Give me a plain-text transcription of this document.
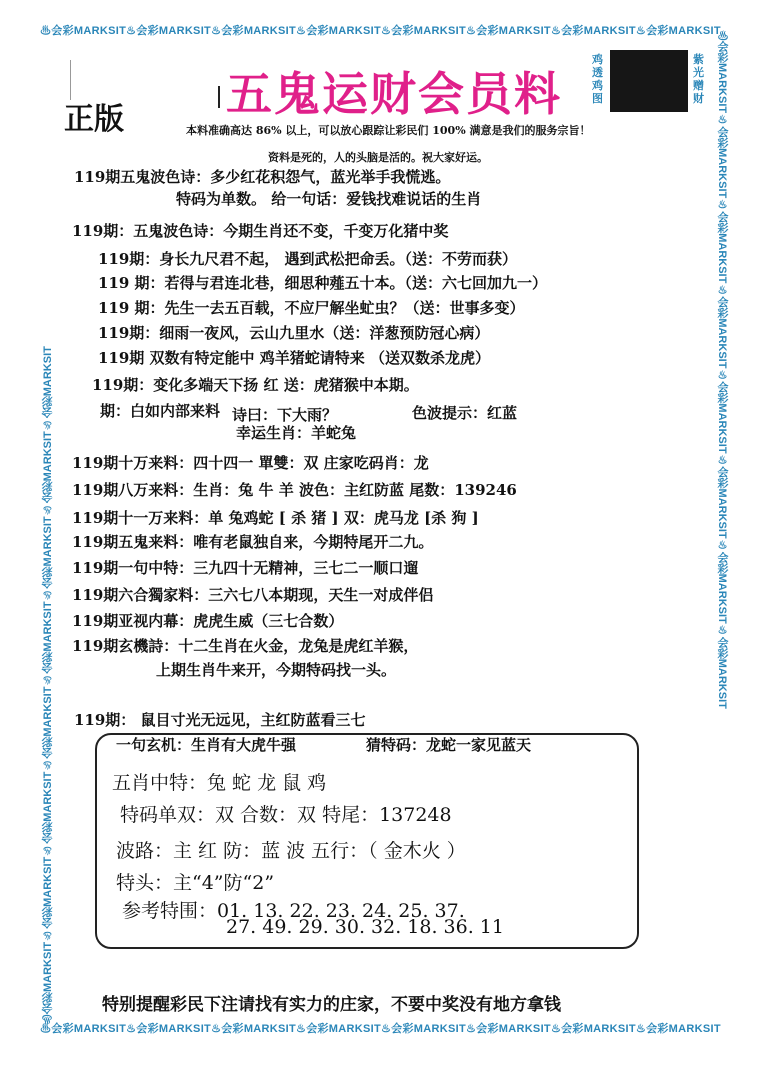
♨会彩MARKSIT♨会彩MARKSIT♨会彩MARKSIT♨会彩MARKSIT♨会彩MARKSIT♨会彩MARKSIT♨会彩MARKSIT♨会彩MARKSIT
♨会彩MARKSIT♨会彩MARKSIT♨会彩MARKSIT♨会彩MARKSIT♨会彩MARKSIT♨会彩MARKSIT♨会彩MARKSIT♨会彩MARKSIT
♨会彩MARKSIT♨会彩MARKSIT♨会彩MARKSIT♨会彩MARKSIT♨会彩MARKSIT♨会彩MARKSIT♨会彩MARKSIT♨会彩MARKSIT	♨会彩MARKSIT♨会彩MARKSIT♨会彩MARKSIT♨会彩MARKSIT♨会彩MARKSIT♨会彩MARKSIT♨会彩MARKSIT♨会彩MARKSIT
正版 五鬼运财会员料
鸡透鸡图
紫光赠财
本料准确高达 86% 以上，可以放心跟踪让彩民们 100% 满意是我们的服务宗旨！
资料是死的，人的头脑是活的。祝大家好运。
119期五鬼波色诗：多少红花积怨气，蓝光举手我慌逃。
特码为单数。 给一句话：爱钱找难说话的生肖
119期：五鬼波色诗：今期生肖还不变，千变万化猪中奖
119期：身长九尺君不起， 遇到武松把命丢。（送：不劳而获）
119 期：若得与君连北巷，细思种薤五十本。（送：六七回加九一）
119 期：先生一去五百载，不应尸解坐虻虫？（送：世事多变）
119期：细雨一夜风，云山九里水（送：洋葱预防冠心病）
119期 双数有特定能中 鸡羊猪蛇请特来 （送双数杀龙虎）
119期：变化多端天下扬 红 送：虎猪猴中本期。
期：白如内部来料 诗曰：下大雨？	色波提示：红蓝
幸运生肖：羊蛇兔
119期十万来料：四十四一 單雙：双 庄家吃码肖：龙
119期八万来料：生肖：兔 牛 羊 波色：主红防蓝 尾数：139246
119期十一万来料：单 兔鸡蛇 [ 杀 猪 ] 双：虎马龙 [杀 狗 ]
119期五鬼来料：唯有老鼠独自来，今期特尾开二九。
119期一句中特：三九四十无精神，三七二一顺口遛
119期六合獨家料：三六七八本期现，天生一对成伴侣
119期亚视内幕：虎虎生威（三七合数）
119期玄機詩：十二生肖在火金，龙兔是虎红羊猴，
上期生肖牛来开，今期特码找一头。
119期： 鼠目寸光无远见，主红防蓝看三七
一句玄机：生肖有大虎牛强	猜特码：龙蛇一家见蓝天
五肖中特：兔 蛇 龙 鼠 鸡
特码单双：双 合数：双 特尾：137248
波路：主 红 防：蓝 波 五行：（ 金木火 ）
特头：主“4”防“2”
参考特围：01. 13. 22. 23. 24. 25. 37.
27. 49. 29. 30. 32. 18. 36. 11
特别提醒彩民下注请找有实力的庄家，不要中奖没有地方拿钱
